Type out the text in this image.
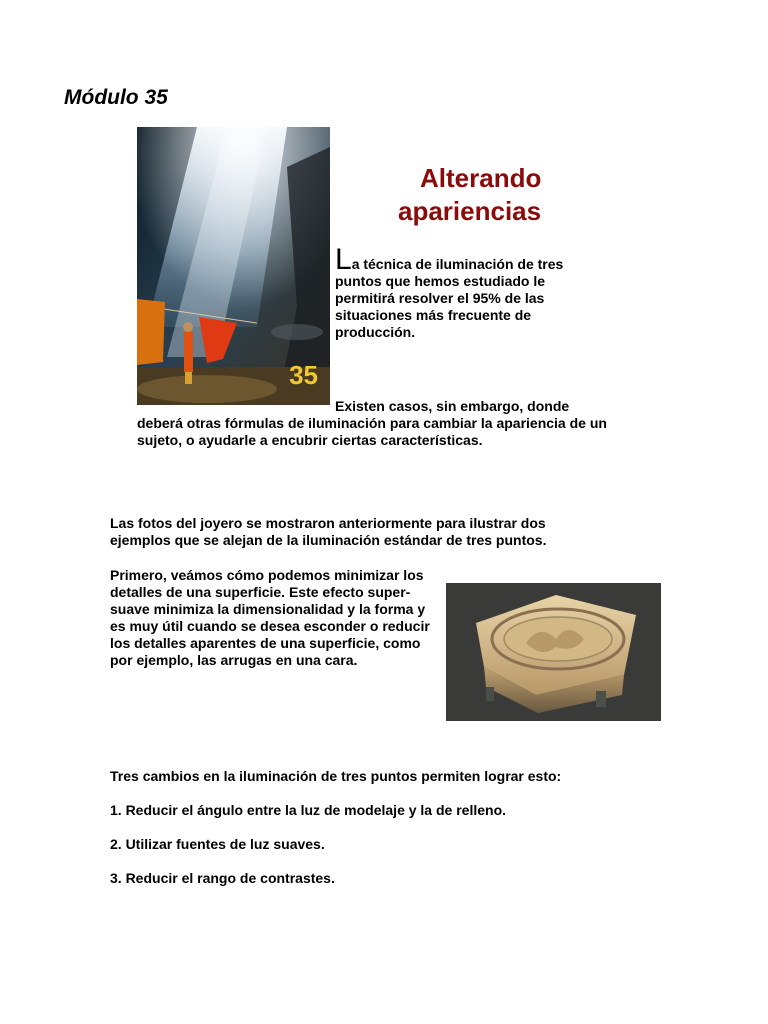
Módulo 35
35
Alterando
apariencias
La técnica de iluminación de tres puntos que hemos estudiado le permitirá resolver el 95% de las situaciones más frecuente de producción.
Existen casos, sin embargo, donde
deberá otras fórmulas de iluminación para cambiar la apariencia de un sujeto, o ayudarle a encubrir ciertas características.
Las fotos del joyero se mostraron anteriormente para ilustrar dos ejemplos que se alejan de la iluminación estándar de tres puntos.
Primero, veámos cómo podemos minimizar los detalles de una superficie. Este efecto super-suave minimiza la dimensionalidad y la forma y es muy útil cuando se desea esconder o reducir los detalles aparentes de una superficie, como por ejemplo, las arrugas en una cara.
Tres cambios en la iluminación de tres puntos permiten lograr esto:
1. Reducir el ángulo entre la luz de modelaje y la de relleno.
2. Utilizar fuentes de luz suaves.
3. Reducir el rango de contrastes.
